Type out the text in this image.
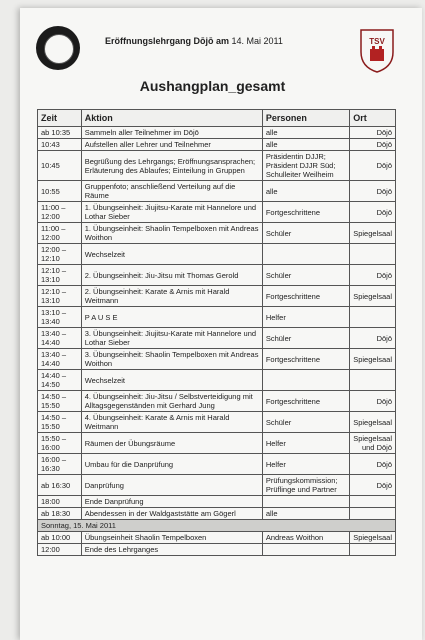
Eröffnungslehrgang Dōjō am 14. Mai 2011	TSV
Aushangplan_gesamt
Zeit	Aktion	Personen	Ort
ab 10:35	Sammeln aller Teilnehmer im Dōjō	alle	Dōjō
10:43	Aufstellen aller Lehrer und Teilnehmer	alle	Dōjō
10:45	Begrüßung des Lehrgangs; Eröffnungsansprachen; Erläuterung des Ablaufes; Einteilung in Gruppen	Präsidentin DJJR; Präsident DJJR Süd; Schulleiter Weilheim	Dōjō
10:55	Gruppenfoto; anschließend Verteilung auf die Räume	alle	Dōjō
11:00 – 12:00	1. Übungseinheit: Jiujitsu-Karate mit Hannelore und Lothar Sieber	Fortgeschrittene	Dōjō
11:00 – 12:00	1. Übungseinheit: Shaolin Tempelboxen mit Andreas Woithon	Schüler	Spiegelsaal
12:00 – 12:10	Wechselzeit		
12:10 – 13:10	2. Übungseinheit: Jiu-Jitsu mit Thomas Gerold	Schüler	Dōjō
12:10 – 13:10	2. Übungseinheit: Karate & Arnis mit Harald Weitmann	Fortgeschrittene	Spiegelsaal
13:10 – 13:40	P A U S E	Helfer	
13:40 – 14:40	3. Übungseinheit: Jiujitsu-Karate mit Hannelore und Lothar Sieber	Schüler	Dōjō
13:40 – 14:40	3. Übungseinheit: Shaolin Tempelboxen mit Andreas Woithon	Fortgeschrittene	Spiegelsaal
14:40 – 14:50	Wechselzeit		
14:50 – 15:50	4. Übungseinheit: Jiu-Jitsu / Selbstverteidigung mit Alltagsgegenständen mit Gerhard Jung	Fortgeschrittene	Dōjō
14:50 – 15:50	4. Übungseinheit: Karate & Arnis mit Harald Weitmann	Schüler	Spiegelsaal
15:50 – 16:00	Räumen der Übungsräume	Helfer	Spiegelsaal und Dōjō
16:00 – 16:30	Umbau für die Danprüfung	Helfer	Dōjō
ab 16:30	Danprüfung	Prüfungskommission; Prüflinge und Partner	Dōjō
18:00	Ende Danprüfung		
ab 18:30	Abendessen in der Waldgaststätte am Gögerl	alle	
Sonntag, 15. Mai 2011			
ab 10:00	Übungseinheit Shaolin Tempelboxen	Andreas Woithon	Spiegelsaal
12:00	Ende des Lehrganges		
